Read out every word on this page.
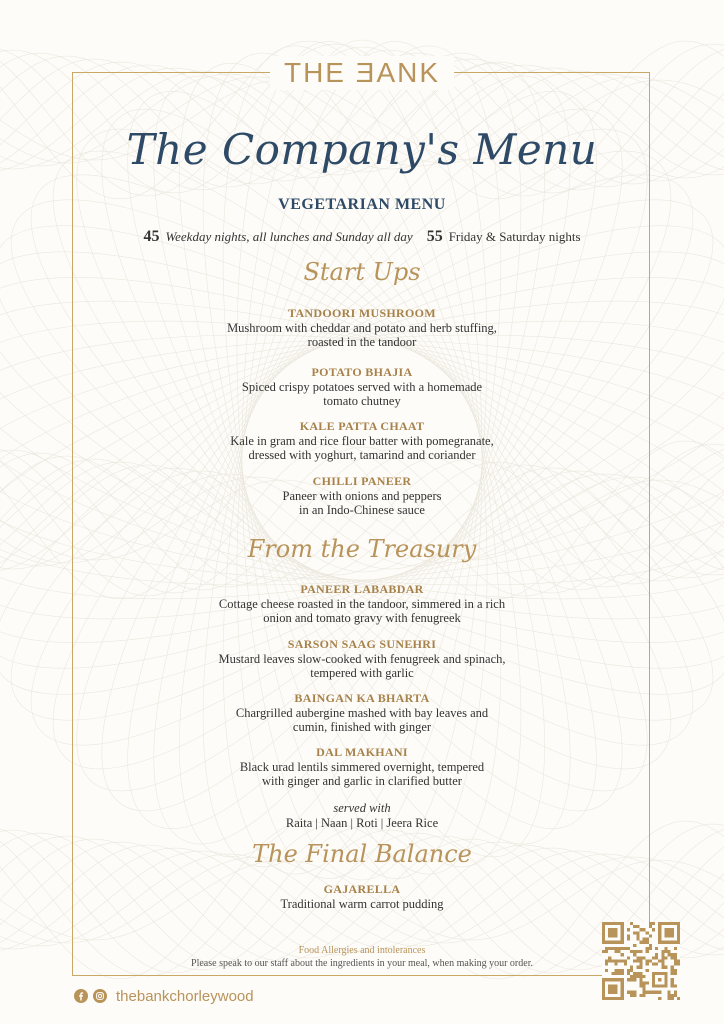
THE ƎANK
The Company's Menu
VEGETARIAN MENU
45 Weekday nights, all lunches and Sunday all day 55 Friday & Saturday nights
Start Ups
TANDOORI MUSHROOM
Mushroom with cheddar and potato and herb stuffing,
roasted in the tandoor
POTATO BHAJIA
Spiced crispy potatoes served with a homemade
tomato chutney
KALE PATTA CHAAT
Kale in gram and rice flour batter with pomegranate,
dressed with yoghurt, tamarind and coriander
CHILLI PANEER
Paneer with onions and peppers
in an Indo-Chinese sauce
From the Treasury
PANEER LABABDAR
Cottage cheese roasted in the tandoor, simmered in a rich
onion and tomato gravy with fenugreek
SARSON SAAG SUNEHRI
Mustard leaves slow-cooked with fenugreek and spinach,
tempered with garlic
BAINGAN KA BHARTA
Chargrilled aubergine mashed with bay leaves and
cumin, finished with ginger
DAL MAKHANI
Black urad lentils simmered overnight, tempered
with ginger and garlic in clarified butter
served with
Raita | Naan | Roti | Jeera Rice
The Final Balance
GAJARELLA
Traditional warm carrot pudding
Food Allergies and intolerances
Please speak to our staff about the ingredients in your meal, when making your order.
thebankchorleywood
